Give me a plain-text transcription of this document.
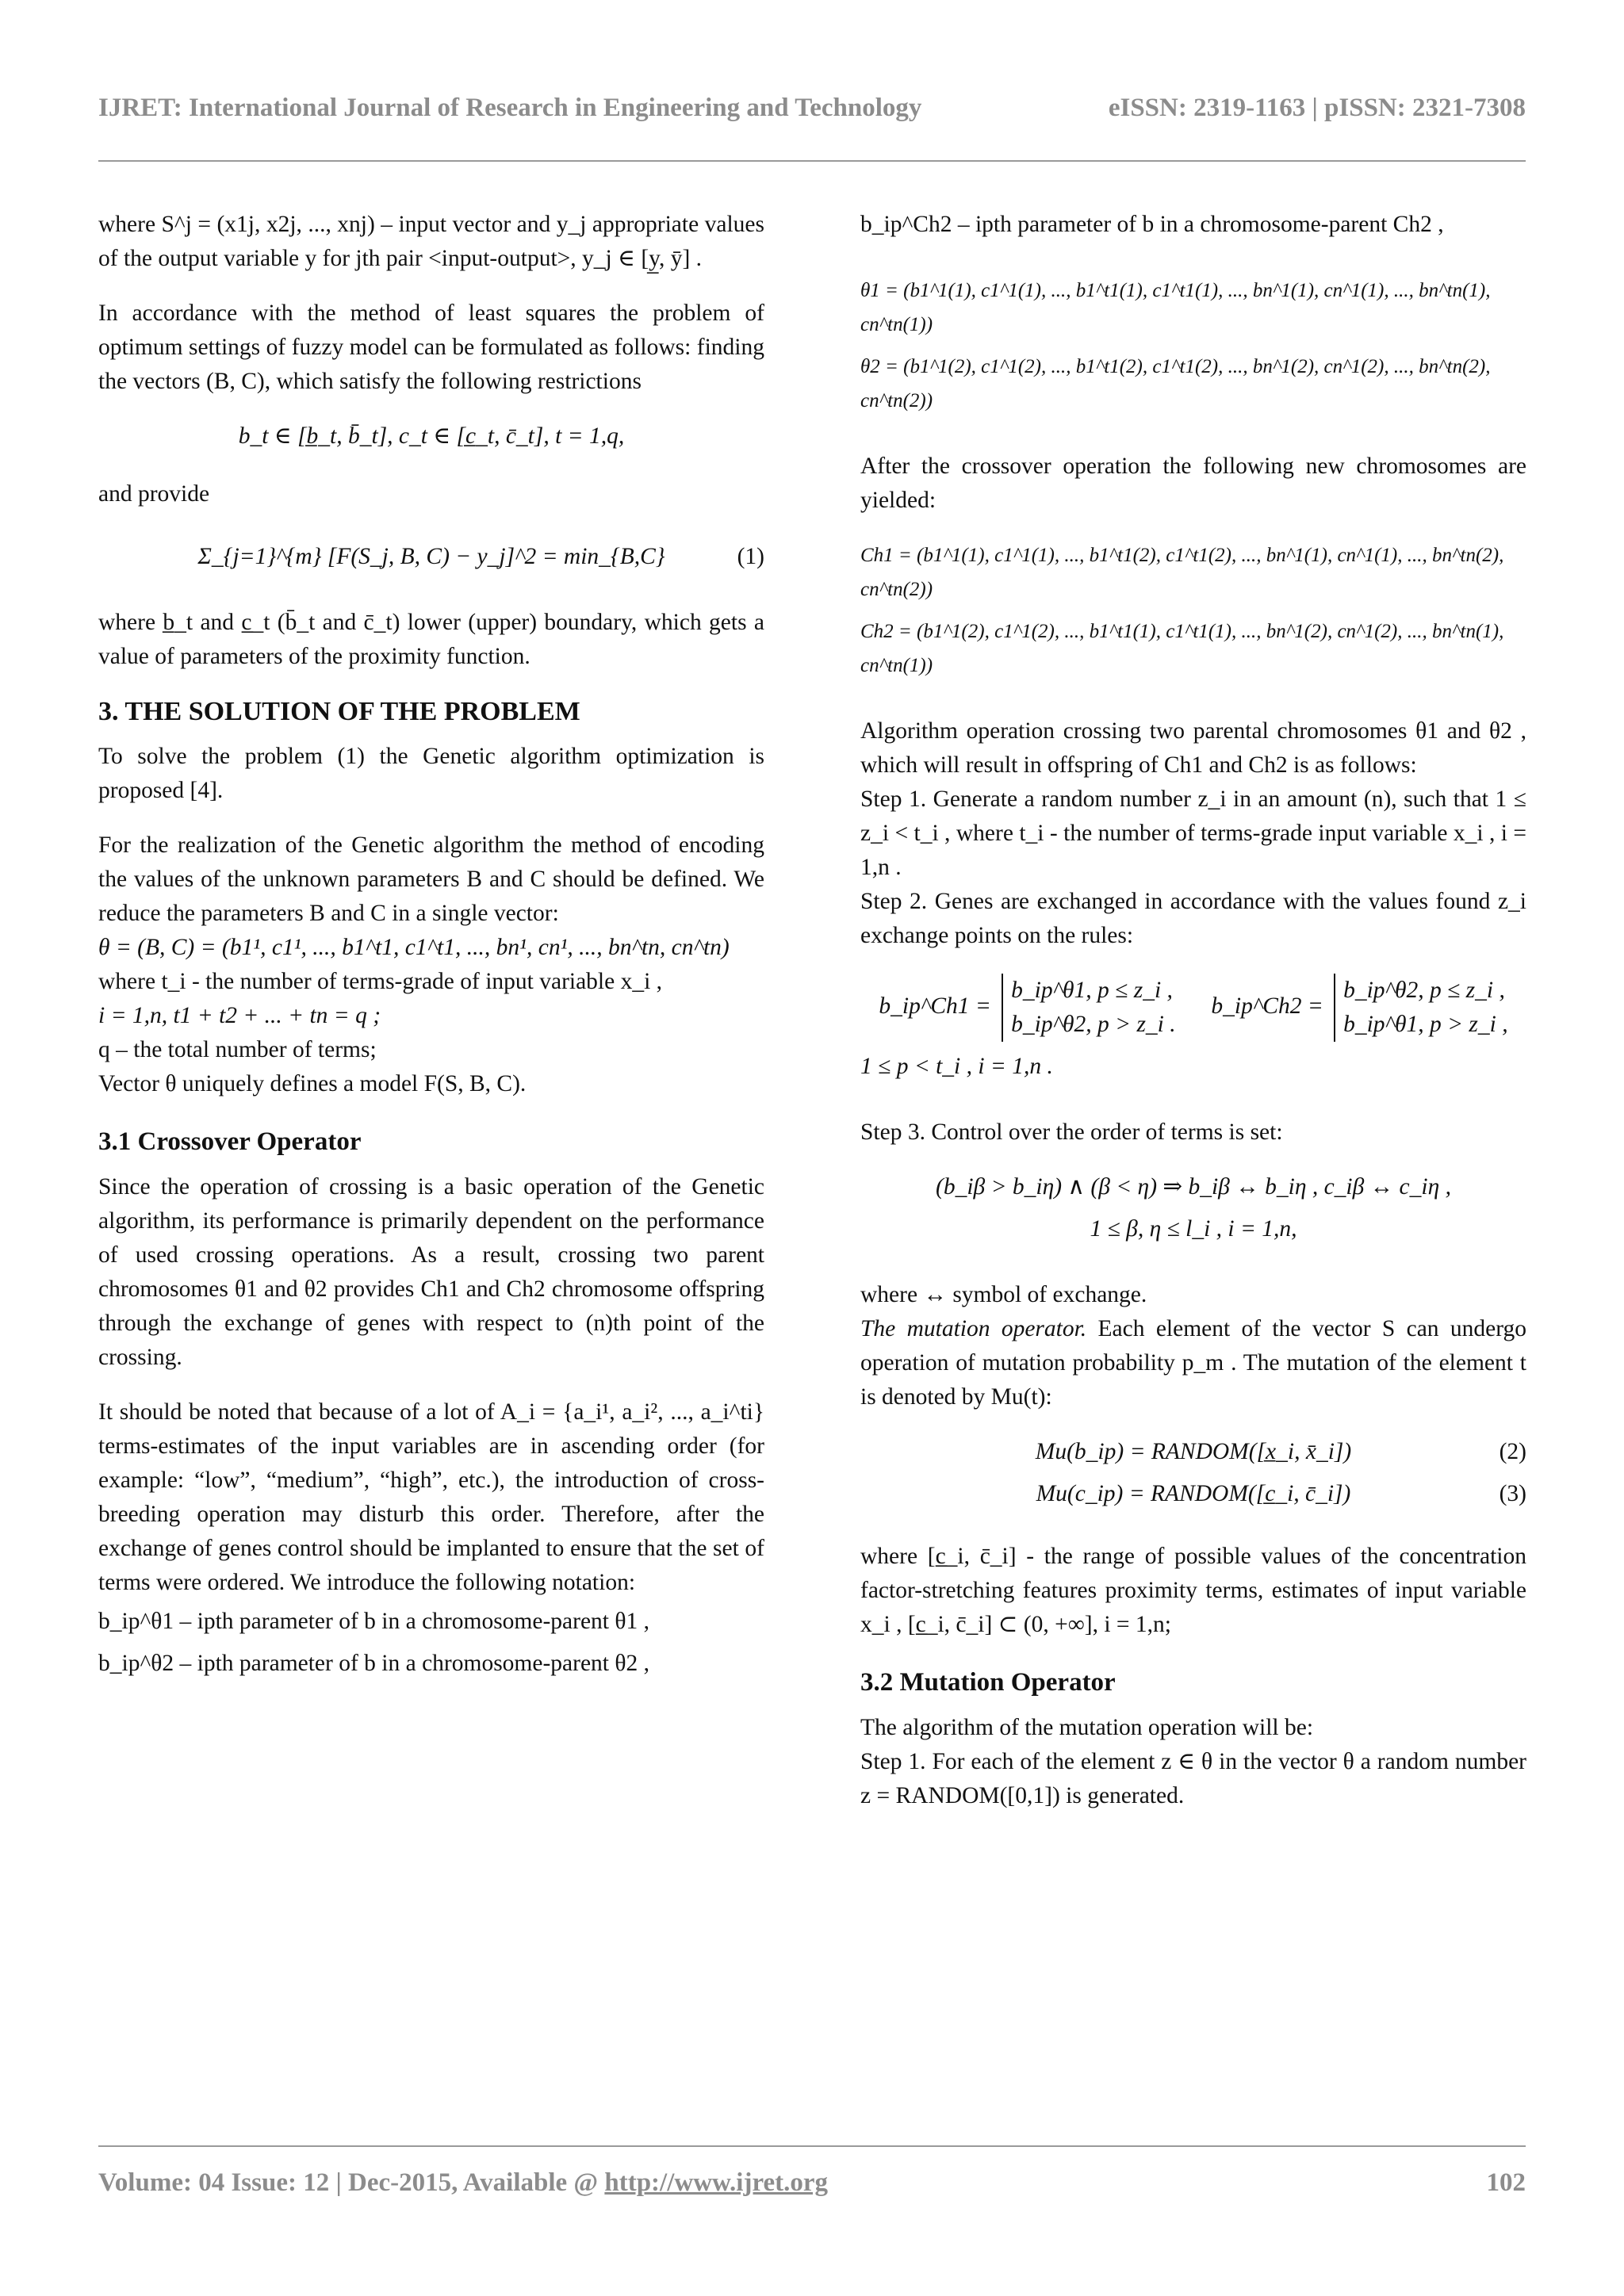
IJRET: International Journal of Research in Engineering and Technology	eISSN: 2319-1163 | pISSN: 2321-7308

where S^j = (x1j, x2j, ..., xnj) – input vector and y_j appropriate values of the output variable y for jth pair <input-output>, y_j ∈ [y̲, ȳ] .

In accordance with the method of least squares the problem of optimum settings of fuzzy model can be formulated as follows: finding the vectors (B, C), which satisfy the following restrictions

b_t ∈ [b̲_t, b̄_t], c_t ∈ [c̲_t, c̄_t], t = 1,q,

and provide

Σ_{j=1}^{m} [F(S_j, B, C) − y_j]^2 = min_{B,C}	(1)

where b̲_t and c̲_t (b̄_t and c̄_t) lower (upper) boundary, which gets a value of parameters of the proximity function.

3. THE SOLUTION OF THE PROBLEM

To solve the problem (1) the Genetic algorithm optimization is proposed [4].

For the realization of the Genetic algorithm the method of encoding the values of the unknown parameters B and C should be defined. We reduce the parameters B and C in a single vector:

θ = (B, C) = (b1¹, c1¹, ..., b1^t1, c1^t1, ..., bn¹, cn¹, ..., bn^tn, cn^tn)
where t_i - the number of terms-grade of input variable x_i ,
i = 1,n, t1 + t2 + ... + tn = q ;
q – the total number of terms;
Vector θ uniquely defines a model F(S, B, C).
3.1 Crossover Operator

Since the operation of crossing is a basic operation of the Genetic algorithm, its performance is primarily dependent on the performance of used crossing operations. As a result, crossing two parent chromosomes θ1 and θ2 provides Ch1 and Ch2 chromosome offspring through the exchange of genes with respect to (n)th point of the crossing.

It should be noted that because of a lot of A_i = {a_i¹, a_i², ..., a_i^ti} terms-estimates of the input variables are in ascending order (for example: “low”, “medium”, “high”, etc.), the introduction of cross-breeding operation may disturb this order. Therefore, after the exchange of genes control should be implanted to ensure that the set of terms were ordered. We introduce the following notation:

b_ip^θ1 – ipth parameter of b in a chromosome-parent θ1 ,
b_ip^θ2 – ipth parameter of b in a chromosome-parent θ2 ,
b_ip^Ch2 – ipth parameter of b in a chromosome-parent Ch2 ,
θ1 = (b1^1(1), c1^1(1), ..., b1^t1(1), c1^t1(1), ..., bn^1(1), cn^1(1), ..., bn^tn(1), cn^tn(1))
θ2 = (b1^1(2), c1^1(2), ..., b1^t1(2), c1^t1(2), ..., bn^1(2), cn^1(2), ..., bn^tn(2), cn^tn(2))

After the crossover operation the following new chromosomes are yielded:

Ch1 = (b1^1(1), c1^1(1), ..., b1^t1(2), c1^t1(2), ..., bn^1(1), cn^1(1), ..., bn^tn(2), cn^tn(2))
Ch2 = (b1^1(2), c1^1(2), ..., b1^t1(1), c1^t1(1), ..., bn^1(2), cn^1(2), ..., bn^tn(1), cn^tn(1))

Algorithm operation crossing two parental chromosomes θ1 and θ2 , which will result in offspring of Ch1 and Ch2 is as follows:

Step 1. Generate a random number z_i in an amount (n), such that 1 ≤ z_i < t_i , where t_i - the number of terms-grade input variable x_i , i = 1,n .

Step 2. Genes are exchanged in accordance with the values found z_i exchange points on the rules:

b_ip^Ch1 =
b_ip^θ1, p ≤ z_i ,
b_ip^θ2, p > z_i .
b_ip^Ch2 =
b_ip^θ2, p ≤ z_i ,
b_ip^θ1, p > z_i ,
1 ≤ p < t_i , i = 1,n .

Step 3. Control over the order of terms is set:

(b_iβ > b_iη) ∧ (β < η) ⇒ b_iβ ↔ b_iη , c_iβ ↔ c_iη ,
1 ≤ β, η ≤ l_i , i = 1,n,
where ↔ symbol of exchange.

The mutation operator. Each element of the vector S can undergo operation of mutation probability p_m . The mutation of the element t is denoted by Mu(t):

Mu(b_ip) = RANDOM([x̲_i, x̄_i])	(2)
Mu(c_ip) = RANDOM([c̲_i, c̄_i])	(3)

where [c̲_i, c̄_i] - the range of possible values of the concentration factor-stretching features proximity terms, estimates of input variable x_i , [c̲_i, c̄_i] ⊂ (0, +∞], i = 1,n;

3.2 Mutation Operator
The algorithm of the mutation operation will be:

Step 1. For each of the element z ∈ θ in the vector θ a random number z = RANDOM([0,1]) is generated.

Volume: 04 Issue: 12 | Dec-2015, Available @ http://www.ijret.org	102
